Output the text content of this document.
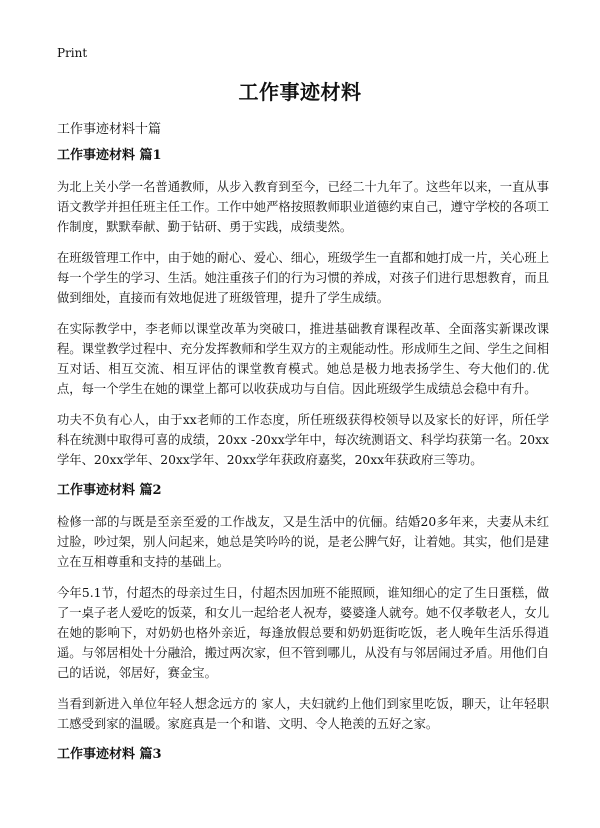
Print
工作事迹材料
工作事迹材料十篇
工作事迹材料 篇1

为北上关小学一名普通教师，从步入教育到至今，已经二十九年了。这些年以来，一直从事语文教学并担任班主任工作。工作中她严格按照教师职业道德约束自己，遵守学校的各项工作制度，默默奉献、勤于钻研、勇于实践，成绩斐然。

在班级管理工作中，由于她的耐心、爱心、细心，班级学生一直都和她打成一片，关心班上每一个学生的学习、生活。她注重孩子们的行为习惯的养成，对孩子们进行思想教育，而且做到细处，直接而有效地促进了班级管理，提升了学生成绩。

在实际教学中，李老师以课堂改革为突破口，推进基础教育课程改革、全面落实新课改课程。课堂教学过程中、充分发挥教师和学生双方的主观能动性。形成师生之间、学生之间相互对话、相互交流、相互评估的课堂教育模式。她总是极力地表扬学生、夸大他们的.优点，每一个学生在她的课堂上都可以收获成功与自信。因此班级学生成绩总会稳中有升。

功夫不负有心人，由于xx老师的工作态度，所任班级获得校领导以及家长的好评，所任学科在统测中取得可喜的成绩，20xx -20xx学年中，每次统测语文、科学均获第一名。20xx学年、20xx学年、20xx学年、20xx学年获政府嘉奖，20xx年获政府三等功。

工作事迹材料 篇2

检修一部的与既是至亲至爱的工作战友，又是生活中的伉俪。结婚20多年来，夫妻从未红过脸，吵过架，别人问起来，她总是笑吟吟的说，是老公脾气好，让着她。其实，他们是建立在互相尊重和支持的基础上。

今年5.1节，付超杰的母亲过生日，付超杰因加班不能照顾，谁知细心的定了生日蛋糕，做了一桌子老人爱吃的饭菜，和女儿一起给老人祝寿，婆婆逢人就夸。她不仅孝敬老人，女儿在她的影响下，对奶奶也格外亲近，每逢放假总要和奶奶逛街吃饭，老人晚年生活乐得逍遥。与邻居相处十分融洽，搬过两次家，但不管到哪儿，从没有与邻居闹过矛盾。用他们自己的话说，邻居好，赛金宝。

当看到新进入单位年轻人想念远方的 家人，夫妇就约上他们到家里吃饭，聊天，让年轻职工感受到家的温暖。家庭真是一个和谐、文明、令人艳羡的五好之家。

工作事迹材料 篇3
